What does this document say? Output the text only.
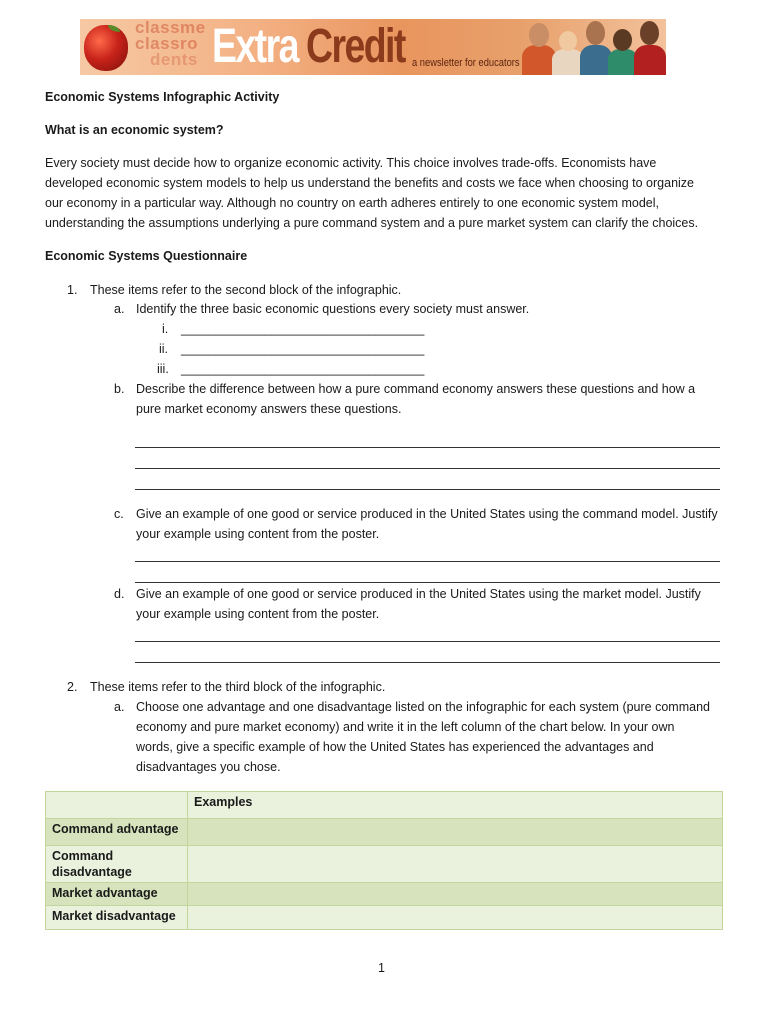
classme
classro
dents Extra Credit a newsletter for educators
Economic Systems Infographic Activity
What is an economic system?
Every society must decide how to organize economic activity. This choice involves trade-offs. Economists have
developed economic system models to help us understand the benefits and costs we face when choosing to organize
our economy in a particular way. Although no country on earth adheres entirely to one economic system model,
understanding the assumptions underlying a pure command system and a pure market system can clarify the choices.
Economic Systems Questionnaire
1. These items refer to the second block of the infographic.
a. Identify the three basic economic questions every society must answer.
i. ___________________________________
ii. ___________________________________
iii. ___________________________________
b. Describe the difference between how a pure command economy answers these questions and how a
pure market economy answers these questions.
c. Give an example of one good or service produced in the United States using the command model. Justify
your example using content from the poster.
d. Give an example of one good or service produced in the United States using the market model. Justify
your example using content from the poster.
2. These items refer to the third block of the infographic.
a. Choose one advantage and one disadvantage listed on the infographic for each system (pure command
economy and pure market economy) and write it in the left column of the chart below. In your own
words, give a specific example of how the United States has experienced the advantages and
disadvantages you chose.
	Examples
Command advantage	
Command disadvantage	
Market advantage	
Market disadvantage	
1
